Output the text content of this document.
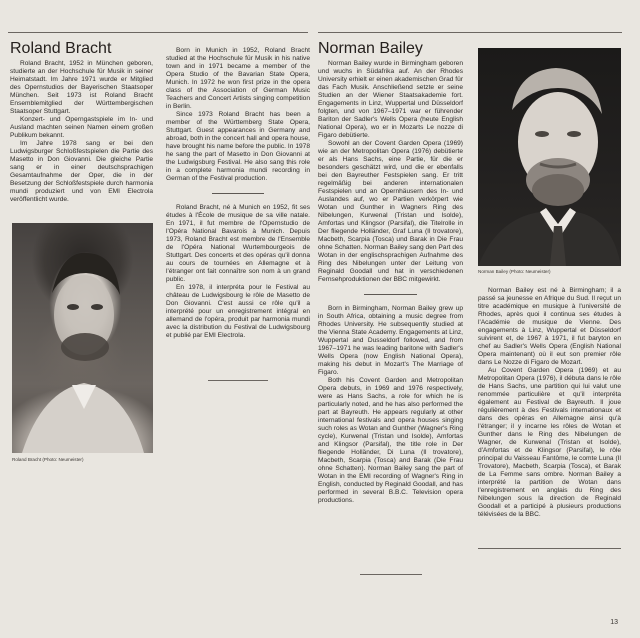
Roland Bracht

Roland Bracht, 1952 in München geboren, studierte an der Hochschule für Musik in seiner Heimatstadt. Im Jahre 1971 wurde er Mitglied des Opernstudios der Bayerischen Staatsoper München. Seit 1973 ist Roland Bracht Ensemblemitglied der Württembergischen Staatsoper Stuttgart.

Konzert- und Operngastspiele im In- und Ausland machten seinen Namen einem großen Publikum bekannt.

Im Jahre 1978 sang er bei den Ludwigsburger Schloßfestspielen die Partie des Masetto in Don Giovanni. Die gleiche Partie sang er in einer deutschsprachigen Gesamtaufnahme der Oper, die in der Besetzung der Schloßfestspiele durch harmonia mundi produziert und von EMI Electrola veröffentlicht wurde.

Born in Munich in 1952, Roland Bracht studied at the Hochschule für Musik in his native town and in 1971 became a member of the Opera Studio of the Bavarian State Opera, Munich. In 1972 he won first prize in the opera class of the Association of German Music Teachers and Concert Artists singing competition in Berlin.

Since 1973 Roland Bracht has been a member of the Württemberg State Opera, Stuttgart. Guest appearances in Germany and abroad, both in the concert hall and opera house, have brought his name before the public. In 1978 he sang the part of Masetto in Don Giovanni at the Ludwigsburg Festival. He also sang this role in a complete harmonia mundi recording in German of the Festival production.

Roland Bracht, né à Munich en 1952, fit ses études à l'École de musique de sa ville natale. En 1971, il fut membre de l'Opernstudio de l'Opéra National Bavarois à Munich. Depuis 1973, Roland Bracht est membre de l'Ensemble de l'Opéra National Wurtembourgeois de Stuttgart. Des concerts et des opéras qu'il donna au cours de tournées en Allemagne et à l'étranger ont fait connaître son nom à un grand public.

En 1978, il interpréta pour le Festival au château de Ludwigsbourg le rôle de Masetto de Don Giovanni. C'est aussi ce rôle qu'il a interprété pour un enregistrement intégral en allemand de l'opéra, produit par harmonia mundi avec la distribution du Festival de Ludwigsbourg et publié par EMI Electrola.

Roland Bracht (Photo: Neumeister)
Norman Bailey

Norman Bailey wurde in Birmingham geboren und wuchs in Südafrika auf. An der Rhodes University erhielt er einen akademischen Grad für das Fach Musik. Anschließend setzte er seine Studien an der Wiener Staatsakademie fort. Engagements in Linz, Wuppertal und Düsseldorf folgten, und von 1967–1971 war er führender Bariton der Sadler's Wells Opera (heute English National Opera), wo er in Mozarts Le nozze di Figaro debütierte.

Sowohl an der Covent Garden Opera (1969) wie an der Metropolitan Opera (1976) debütierte er als Hans Sachs, eine Partie, für die er besonders geschätzt wird, und die er ebenfalls bei den Bayreuther Festspielen sang. Er tritt regelmäßig bei anderen internationalen Festspielen und an Opernhäusern des In- und Auslandes auf, wo er Partien verkörpert wie Wotan und Gunther in Wagners Ring des Nibelungen, Kurwenal (Tristan und Isolde), Amfortas und Klingsor (Parsifal), die Titelrolle in Der fliegende Holländer, Graf Luna (Il trovatore), Macbeth, Scarpia (Tosca) und Barak in Die Frau ohne Schatten. Norman Bailey sang den Part des Wotan in der englischsprachigen Aufnahme des Ring des Nibelungen unter der Leitung von Reginald Goodall und hat in verschiedenen Fernsehproduktionen der BBC mitgewirkt.

Born in Birmingham, Norman Bailey grew up in South Africa, obtaining a music degree from Rhodes University. He subsequently studied at the Vienna State Academy. Engagements at Linz, Wuppertal and Dusseldorf followed, and from 1967–1971 he was leading baritone with Sadler's Wells Opera (now English National Opera), making his debut in Mozart's The Marriage of Figaro.

Both his Covent Garden and Metropolitan Opera debuts, in 1969 and 1976 respectively, were as Hans Sachs, a role for which he is particularly noted, and he has also performed the part at Bayreuth. He appears regularly at other international festivals and opera houses singing such roles as Wotan and Gunther (Wagner's Ring cycle), Kurwenal (Tristan und Isolde), Amfortas and Klingsor (Parsifal), the title role in Der fliegende Holländer, Di Luna (Il trovatore), Macbeth, Scarpia (Tosca) and Barak (Die Frau ohne Schatten). Norman Bailey sang the part of Wotan in the EMI recording of Wagner's Ring in English, conducted by Reginald Goodall, and has performed in several B.B.C. Television opera productions.

Norman Bailey (Photo: Neumeister)

Norman Bailey est né à Birmingham; il a passé sa jeunesse en Afrique du Sud. Il reçut un titre académique en musique à l'université de Rhodes, après quoi il continua ses études à l'Académie de musique de Vienne. Des engagements à Linz, Wuppertal et Düsseldorf suivirent et, de 1967 à 1971, il fut baryton en chef au Sadler's Wells Opera (English National Opera maintenant) où il eut son premier rôle dans Le Nozze di Figaro de Mozart.

Au Covent Garden Opera (1969) et au Metropolitan Opera (1976), il débuta dans le rôle de Hans Sachs, une partition qui lui valut une renommée particulière et qu'il interpréta également au Festival de Bayreuth. Il joue régulièrement à des Festivals internationaux et dans des opéras en Allemagne ainsi qu'à l'étranger; il y incarne les rôles de Wotan et Gunther dans le Ring des Nibelungen de Wagner, de Kurwenal (Tristan et Isolde), d'Amfortas et de Klingsor (Parsifal), le rôle principal du Vaisseau Fantôme, le comte Luna (Il Trovatore), Macbeth, Scarpia (Tosca), et Barak de La Femme sans ombre. Norman Bailey a interprété la partition de Wotan dans l'enregistrement en anglais du Ring des Nibelungen sous la direction de Reginald Goodall et a participé à plusieurs productions télévisées de la BBC.

13
